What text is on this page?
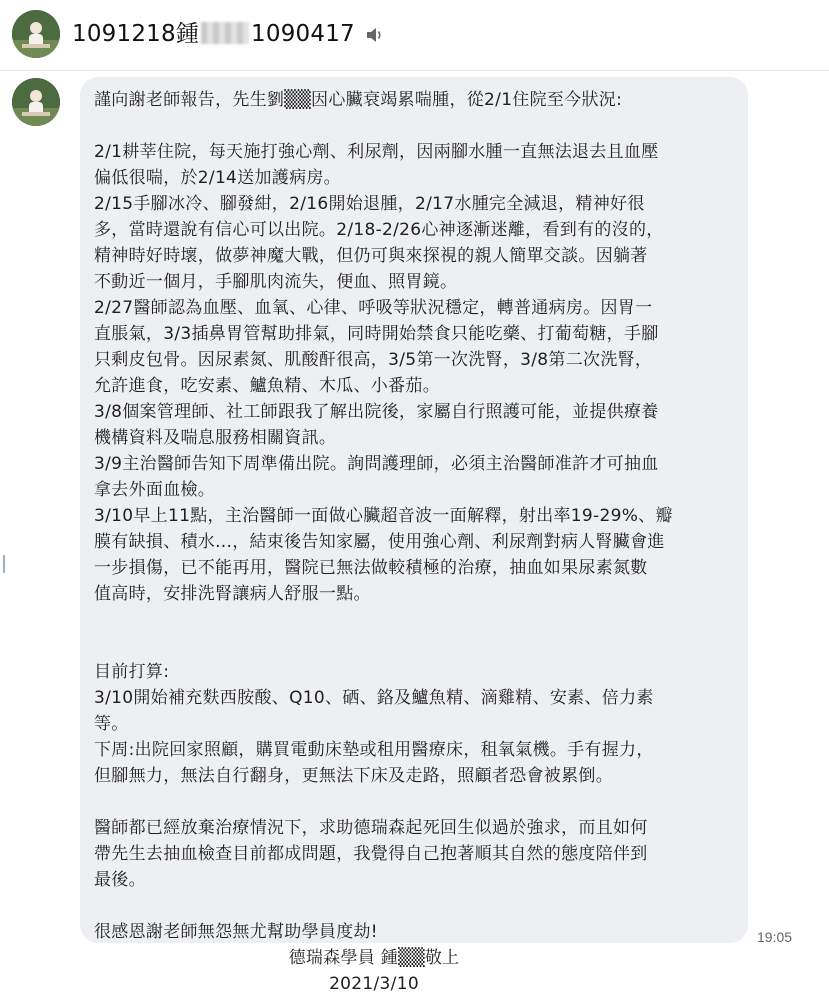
1091218鍾 1090417
謹向謝老師報告，先生劉▒▒因心臟衰竭累喘腫，從2/1住院至今狀況:
2/1耕莘住院，每天施打強心劑、利尿劑，因兩腳水腫一直無法退去且血壓
偏低很喘，於2/14送加護病房。
2/15手腳冰冷、腳發紺，2/16開始退腫，2/17水腫完全減退，精神好很
多，當時還說有信心可以出院。2/18-2/26心神逐漸迷離，看到有的沒的，
精神時好時壞，做夢神魔大戰，但仍可與來探視的親人簡單交談。因躺著
不動近一個月，手腳肌肉流失，便血、照胃鏡。
2/27醫師認為血壓、血氧、心律、呼吸等狀況穩定，轉普通病房。因胃一
直脹氣，3/3插鼻胃管幫助排氣，同時開始禁食只能吃藥、打葡萄糖，手腳
只剩皮包骨。因尿素氮、肌酸酐很高，3/5第一次洗腎，3/8第二次洗腎，
允許進食，吃安素、鱸魚精、木瓜、小番茄。
3/8個案管理師、社工師跟我了解出院後，家屬自行照護可能，並提供療養
機構資料及喘息服務相關資訊。
3/9主治醫師告知下周準備出院。詢問護理師，必須主治醫師准許才可抽血
拿去外面血檢。
3/10早上11點，主治醫師一面做心臟超音波一面解釋，射出率19-29%、瓣
膜有缺損、積水...，結束後告知家屬，使用強心劑、利尿劑對病人腎臟會進
一步損傷，已不能再用，醫院已無法做較積極的治療，抽血如果尿素氮數
值高時，安排洗腎讓病人舒服一點。
目前打算:
3/10開始補充麩西胺酸、Q10、硒、鉻及鱸魚精、滴雞精、安素、倍力素
等。
下周:出院回家照顧，購買電動床墊或租用醫療床，租氧氣機。手有握力，
但腳無力，無法自行翻身，更無法下床及走路，照顧者恐會被累倒。
醫師都已經放棄治療情況下，求助德瑞森起死回生似過於強求，而且如何
帶先生去抽血檢查目前都成問題，我覺得自己抱著順其自然的態度陪伴到
最後。
很感恩謝老師無怨無尤幫助學員度劫!
德瑞森學員 鍾▒▒敬上
2021/3/10
19:05
